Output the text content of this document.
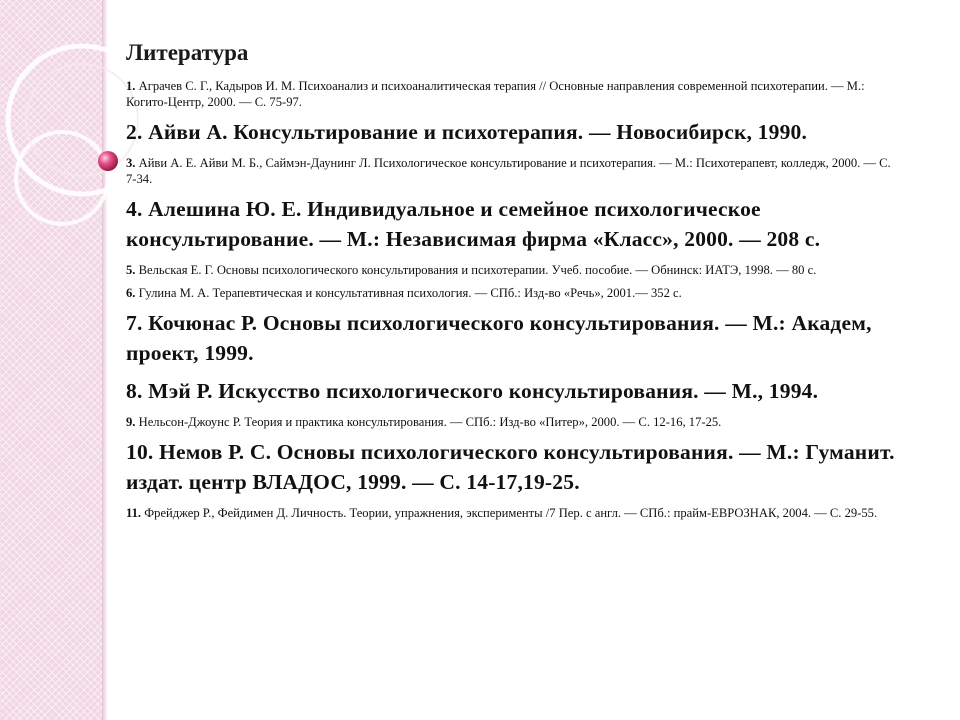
Литература
1. Аграчев С. Г., Кадыров И. М. Психоанализ и психоаналитическая терапия // Основные направления современной психотерапии. — М.: Когито-Центр, 2000. — С. 75-97.
2. Айви А. Консультирование и психотерапия. — Новосибирск, 1990.
3. Айви А. Е. Айви М. Б., Саймэн-Даунинг Л. Психологическое консультирование и психотерапия. — М.: Психотерапевт, колледж, 2000. — С. 7-34.
4. Алешина Ю. Е. Индивидуальное и семейное психологическое консультирование. — М.: Независимая фирма «Класс», 2000. — 208 с.
5. Вельская Е. Г. Основы психологического консультирования и психотерапии. Учеб. пособие. — Обнинск: ИАТЭ, 1998. — 80 с.
6. Гулина М. А. Терапевтическая и консультативная психология. — СПб.: Изд-во «Речь», 2001.— 352 с.
7. Кочюнас Р. Основы психологического консультирования. — М.: Академ, проект, 1999.
8. Мэй Р. Искусство психологического консультирования. — М., 1994.
9. Нельсон-Джоунс Р. Теория и практика консультирования. — СПб.: Изд-во «Питер», 2000. — С. 12-16, 17-25.
10. Немов Р. С. Основы психологического консультирования. — М.: Гуманит. издат. центр ВЛАДОС, 1999. — С. 14-17,19-25.
11. Фрейджер Р., Фейдимен Д. Личность. Теории, упражнения, эксперименты /7 Пер. с англ. — СПб.: прайм-ЕВРОЗНАК, 2004. — С. 29-55.
